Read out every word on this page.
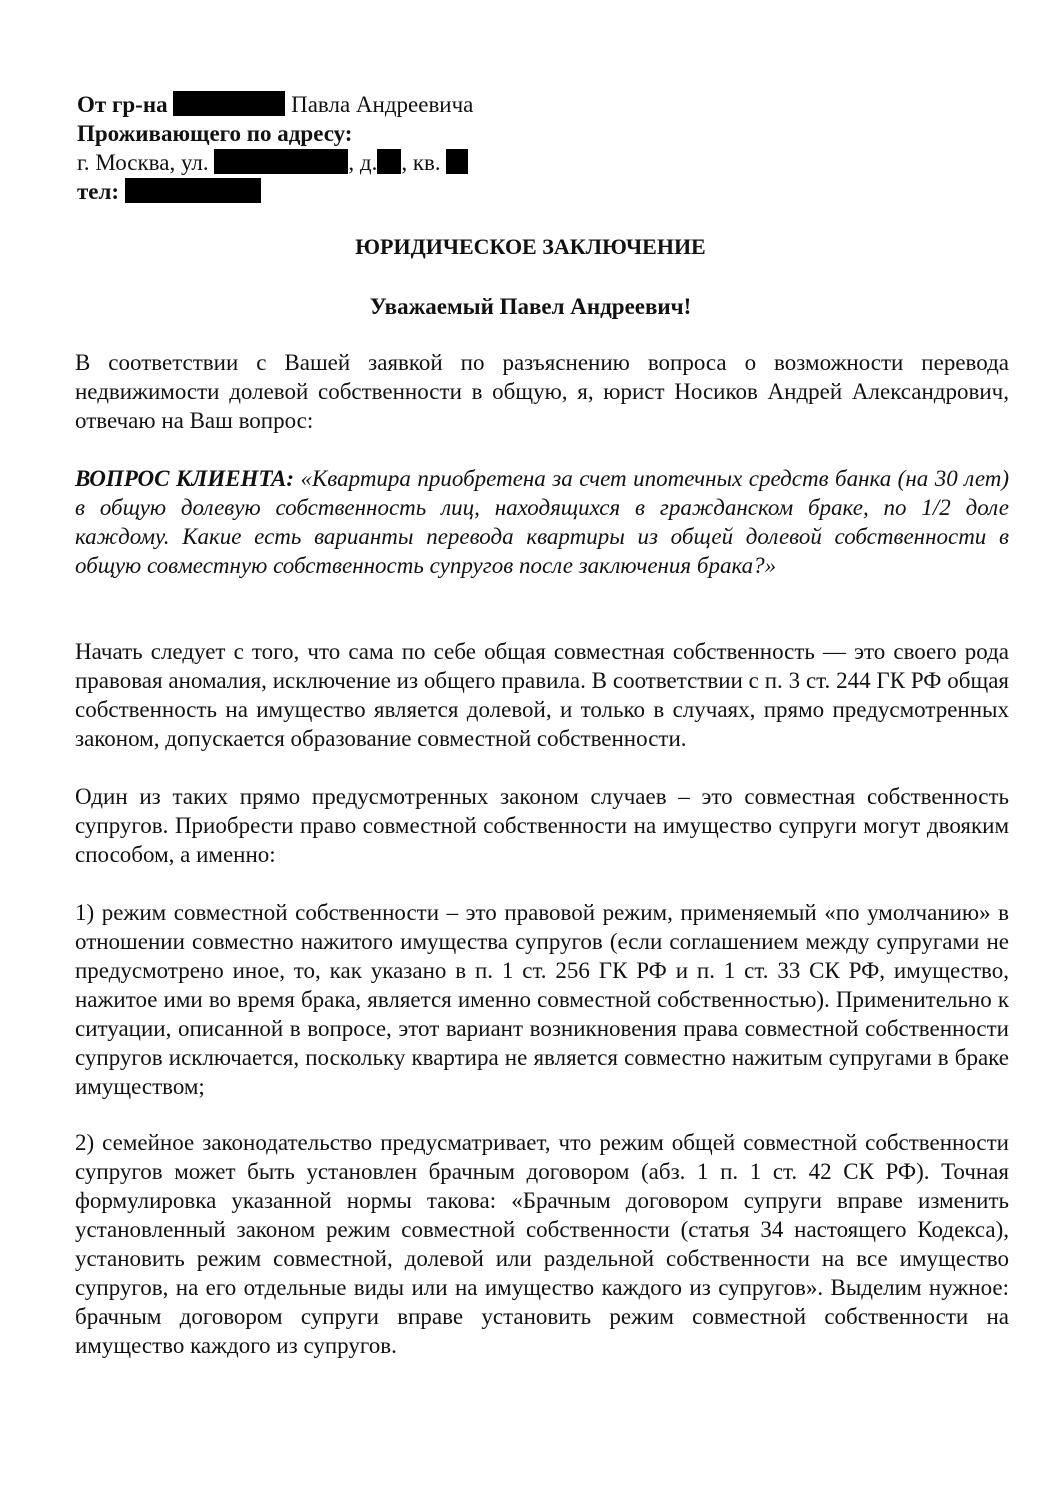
От гр-на	Павла Андреевича
Проживающего по адресу:
г. Москва, ул.	, д. , кв.
тел:
ЮРИДИЧЕСКОЕ ЗАКЛЮЧЕНИЕ
Уважаемый Павел Андреевич!
В соответствии с Вашей заявкой по разъяснению вопроса о возможности перевода недвижимости долевой собственности в общую, я, юрист Носиков Андрей Александрович, отвечаю на Ваш вопрос:
ВОПРОС КЛИЕНТА: «Квартира приобретена за счет ипотечных средств банка (на 30 лет) в общую долевую собственность лиц, находящихся в гражданском браке, по 1/2 доле каждому. Какие есть варианты перевода квартиры из общей долевой собственности в общую совместную собственность супругов после заключения брака?»
Начать следует с того, что сама по себе общая совместная собственность — это своего рода правовая аномалия, исключение из общего правила. В соответствии с п. 3 ст. 244 ГК РФ общая собственность на имущество является долевой, и только в случаях, прямо предусмотренных законом, допускается образование совместной собственности.
Один из таких прямо предусмотренных законом случаев – это совместная собственность супругов. Приобрести право совместной собственности на имущество супруги могут двояким способом, а именно:
1) режим совместной собственности – это правовой режим, применяемый «по умолчанию» в отношении совместно нажитого имущества супругов (если соглашением между супругами не предусмотрено иное, то, как указано в п. 1 ст. 256 ГК РФ и п. 1 ст. 33 СК РФ, имущество, нажитое ими во время брака, является именно совместной собственностью). Применительно к ситуации, описанной в вопросе, этот вариант возникновения права совместной собственности супругов исключается, поскольку квартира не является совместно нажитым супругами в браке имуществом;
2) семейное законодательство предусматривает, что режим общей совместной собственности супругов может быть установлен брачным договором (абз. 1 п. 1 ст. 42 СК РФ). Точная формулировка указанной нормы такова: «Брачным договором супруги вправе изменить установленный законом режим совместной собственности (статья 34 настоящего Кодекса), установить режим совместной, долевой или раздельной собственности на все имущество супругов, на его отдельные виды или на имущество каждого из супругов». Выделим нужное: брачным договором супруги вправе установить режим совместной собственности на имущество каждого из супругов.
